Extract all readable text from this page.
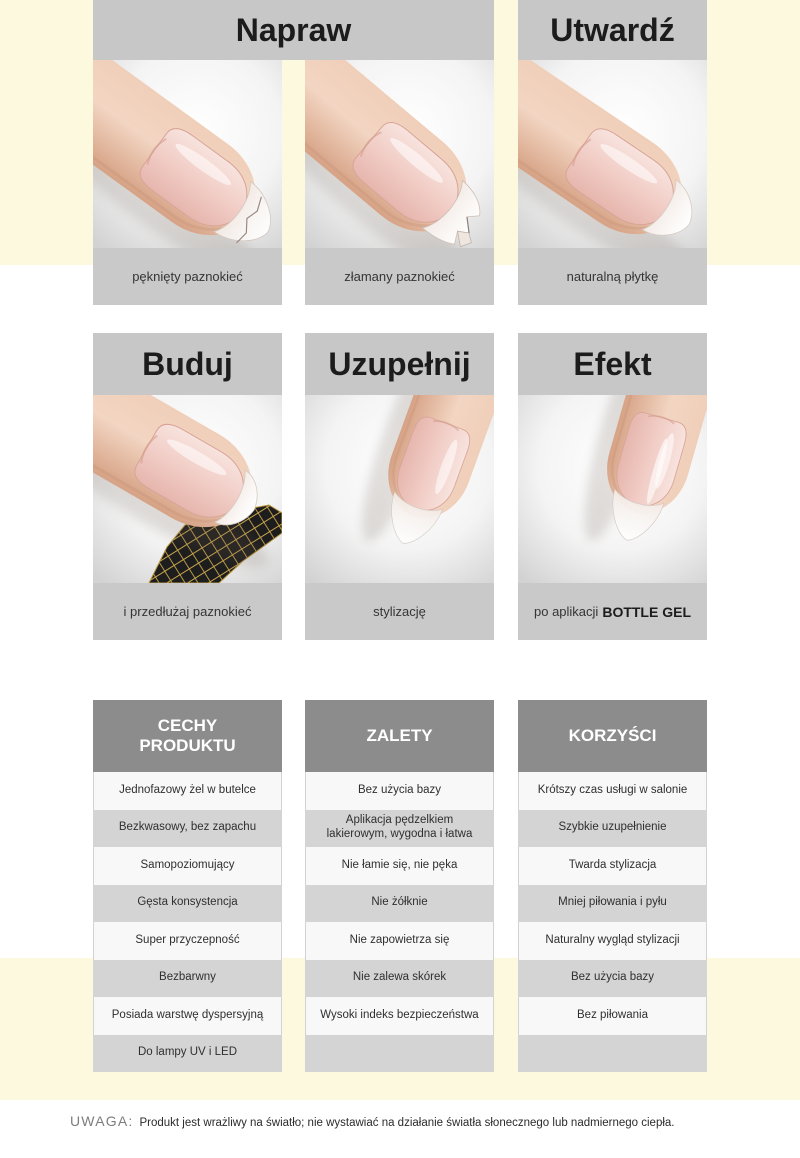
Napraw	Utwardź
pęknięty paznokieć	złamany paznokieć	naturalną płytkę
Buduj	Uzupełnij	Efekt
i przedłużaj paznokieć	stylizację	po aplikacji BOTTLE GEL
CECHY PRODUKTU
Jednofazowy żel w butelce
Bezkwasowy, bez zapachu
Samopoziomujący
Gęsta konsystencja
Super przyczepność
Bezbarwny
Posiada warstwę dyspersyjną
Do lampy UV i LED
ZALETY
Bez użycia bazy
Aplikacja pędzelkiem lakierowym, wygodna i łatwa
Nie łamie się, nie pęka
Nie żółknie
Nie zapowietrza się
Nie zalewa skórek
Wysoki indeks bezpieczeństwa
KORZYŚCI
Krótszy czas usługi w salonie
Szybkie uzupełnienie
Twarda stylizacja
Mniej piłowania i pyłu
Naturalny wygląd stylizacji
Bez użycia bazy
Bez piłowania
UWAGA: Produkt jest wrażliwy na światło; nie wystawiać na działanie światła słonecznego lub nadmiernego ciepła.
